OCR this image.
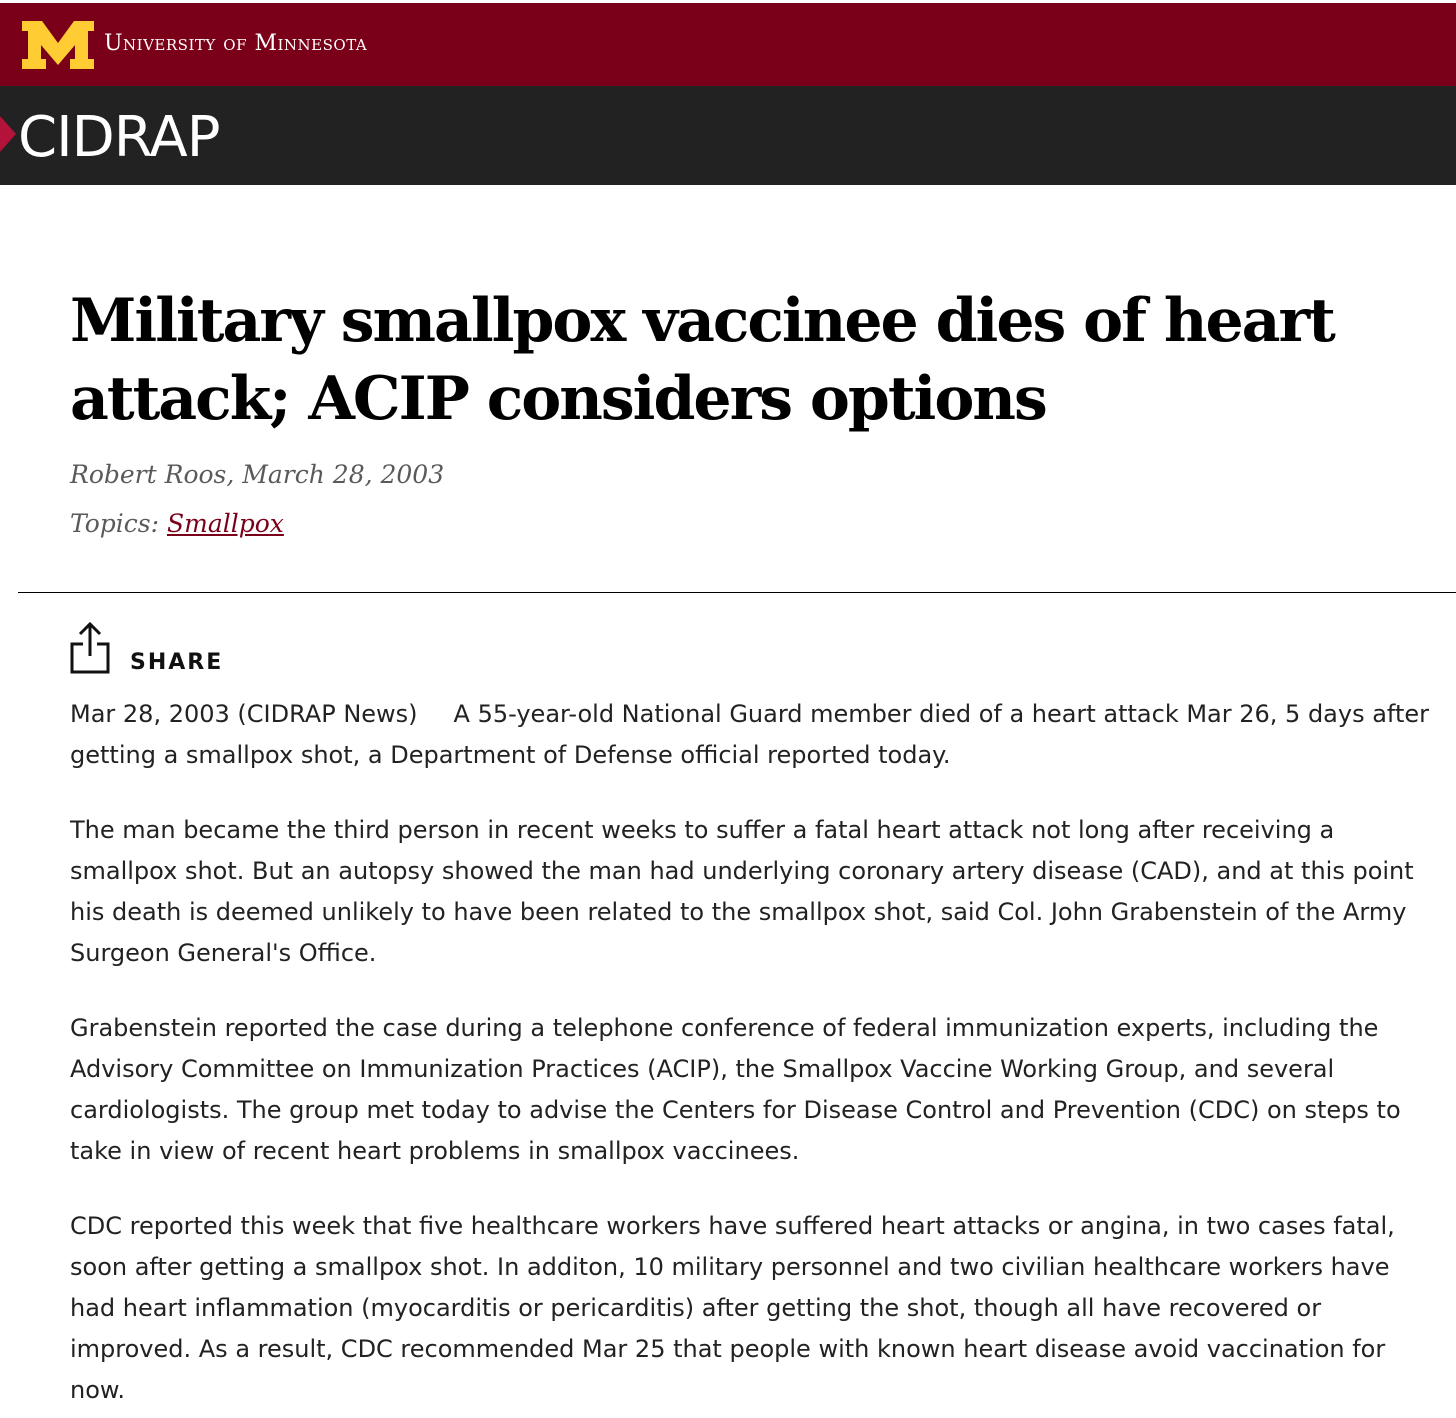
University of Minnesota
CIDRAP
Military smallpox vaccinee dies of heart attack; ACIP considers options
Robert Roos, March 28, 2003
Topics: Smallpox
SHARE

Mar 28, 2003 (CIDRAP News) A 55-year-old National Guard member died of a heart attack Mar 26, 5 days after getting a smallpox shot, a Department of Defense official reported today.

The man became the third person in recent weeks to suffer a fatal heart attack not long after receiving a smallpox shot. But an autopsy showed the man had underlying coronary artery disease (CAD), and at this point his death is deemed unlikely to have been related to the smallpox shot, said Col. John Grabenstein of the Army Surgeon General's Office.

Grabenstein reported the case during a telephone conference of federal immunization experts, including the Advisory Committee on Immunization Practices (ACIP), the Smallpox Vaccine Working Group, and several cardiologists. The group met today to advise the Centers for Disease Control and Prevention (CDC) on steps to take in view of recent heart problems in smallpox vaccinees.

CDC reported this week that five healthcare workers have suffered heart attacks or angina, in two cases fatal, soon after getting a smallpox shot. In additon, 10 military personnel and two civilian healthcare workers have had heart inflammation (myocarditis or pericarditis) after getting the shot, though all have recovered or improved. As a result, CDC recommended Mar 25 that people with known heart disease avoid vaccination for now.
